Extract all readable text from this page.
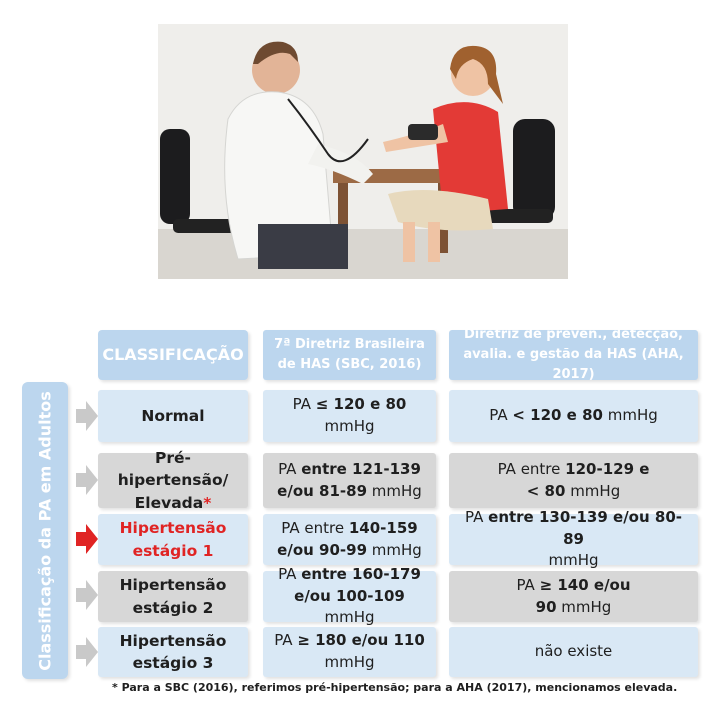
CLASSIFICAÇÃO
7ª Diretriz Brasileira
de HAS (SBC, 2016)
Diretriz de preven., detecção,
avalia. e gestão da HAS (AHA, 2017)
Classificação da PA em Adultos	Normal
PA ≤ 120 e 80
mmHg
PA < 120 e 80 mmHg
Pré-hipertensão/
Elevada*
PA entre 121-139
e/ou 81-89 mmHg
PA entre 120-129 e
< 80 mmHg
Hipertensão
estágio 1
PA entre 140-159
e/ou 90-99 mmHg
PA entre 130-139 e/ou 80-89
mmHg
Hipertensão
estágio 2
PA entre 160-179
e/ou 100-109 mmHg
PA ≥ 140 e/ou
90 mmHg
Hipertensão
estágio 3
PA ≥ 180 e/ou 110
mmHg
não existe
* Para a SBC (2016), referimos pré-hipertensão; para a AHA (2017), mencionamos elevada.
